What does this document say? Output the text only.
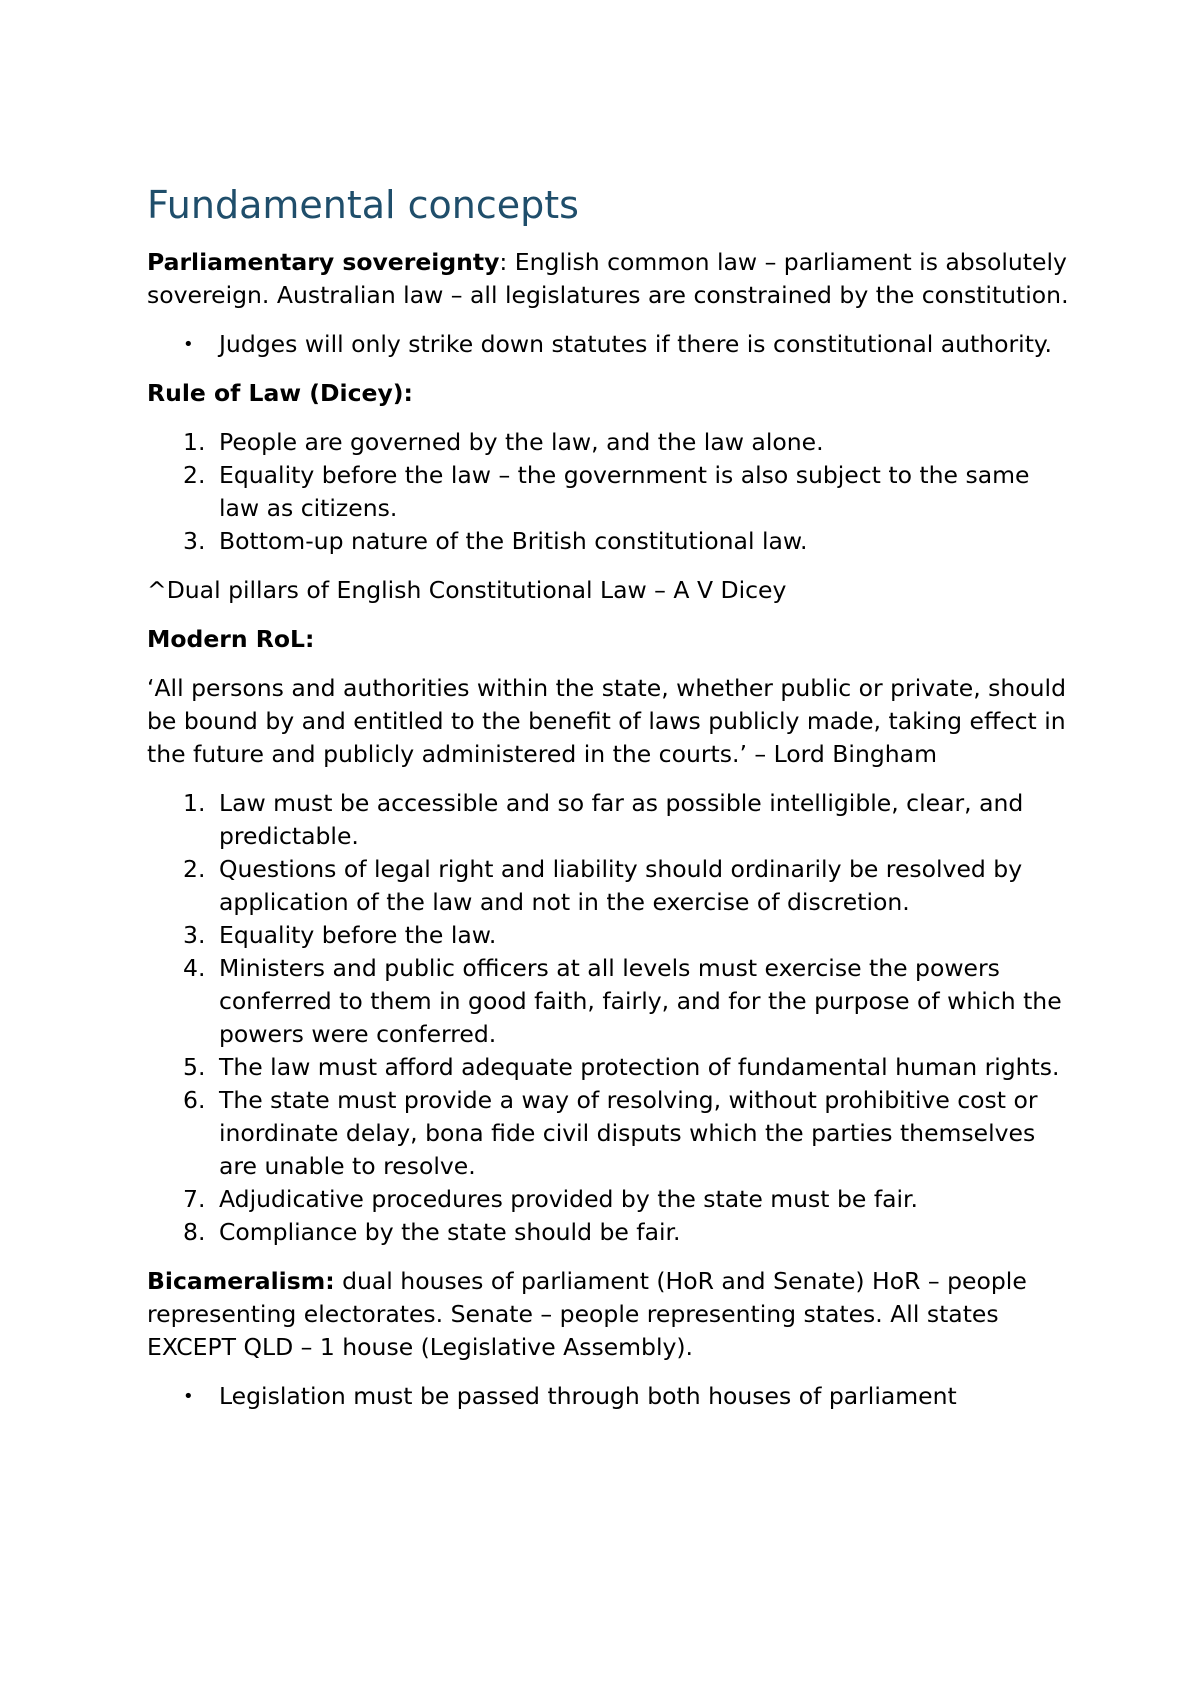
Fundamental concepts

Parliamentary sovereignty: English common law – parliament is absolutely sovereign. Australian law – all legislatures are constrained by the constitution.

• Judges will only strike down statutes if there is constitutional authority.

Rule of Law (Dicey):

1. People are governed by the law, and the law alone.
2. Equality before the law – the government is also subject to the same law as citizens.
3. Bottom-up nature of the British constitutional law.

^Dual pillars of English Constitutional Law – A V Dicey

Modern RoL:

‘All persons and authorities within the state, whether public or private, should be bound by and entitled to the benefit of laws publicly made, taking effect in the future and publicly administered in the courts.’ – Lord Bingham

1. Law must be accessible and so far as possible intelligible, clear, and predictable.
2. Questions of legal right and liability should ordinarily be resolved by application of the law and not in the exercise of discretion.
3. Equality before the law.
4. Ministers and public officers at all levels must exercise the powers conferred to them in good faith, fairly, and for the purpose of which the powers were conferred.
5. The law must afford adequate protection of fundamental human rights.
6. The state must provide a way of resolving, without prohibitive cost or inordinate delay, bona fide civil disputs which the parties themselves are unable to resolve.
7. Adjudicative procedures provided by the state must be fair.
8. Compliance by the state should be fair.

Bicameralism: dual houses of parliament (HoR and Senate) HoR – people representing electorates. Senate – people representing states. All states EXCEPT QLD – 1 house (Legislative Assembly).

• Legislation must be passed through both houses of parliament
